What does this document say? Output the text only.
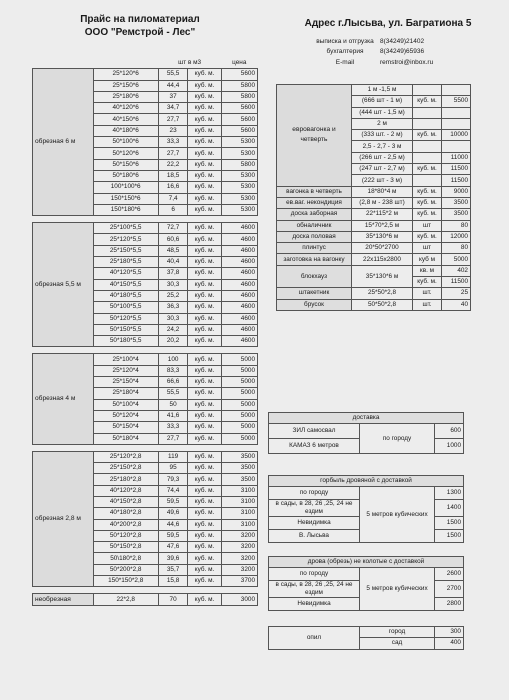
Прайс на пиломатериал
ООО "Ремстрой - Лес"
Адрес г.Лысьва, ул. Багратиона 5
выписка и отгрузка 8(34249)21402
бухгалтерия	8(34249)65936
E-mail	remstroi@inbox.ru
		шт в м3		цена
обрезная 6 м	25*120*6	55,5	куб. м.	5600
	25*150*6	44,4	куб. м.	5800
	25*180*6	37	куб. м.	5800
	40*120*6	34,7	куб. м.	5600
	40*150*6	27,7	куб. м.	5600
	40*180*6	23	куб. м.	5600
	50*100*6	33,3	куб. м.	5300
	50*120*6	27,7	куб. м.	5300
	50*150*6	22,2	куб. м.	5800
	50*180*6	18,5	куб. м.	5300
	100*100*6	16,6	куб. м.	5300
	150*150*6	7,4	куб. м.	5300
	150*180*6	6	куб. м.	5300

обрезная 5,5 м	25*100*5,5	72,7	куб. м.	4600
	25*120*5,5	60,6	куб. м.	4600
	25*150*5,5	48,5	куб. м.	4600
	25*180*5,5	40,4	куб. м.	4600
	40*120*5,5	37,8	куб. м.	4600
	40*150*5,5	30,3	куб. м.	4600
	40*180*5,5	25,2	куб. м.	4600
	50*100*5,5	36,3	куб. м.	4600
	50*120*5,5	30,3	куб. м.	4600
	50*150*5,5	24,2	куб. м.	4600
	50*180*5,5	20,2	куб. м.	4600

обрезная 4 м	25*100*4	100	куб. м.	5000
	25*120*4	83,3	куб. м.	5000
	25*150*4	66,6	куб. м.	5000
	25*180*4	55,5	куб. м.	5000
	50*100*4	50	куб. м.	5000
	50*120*4	41,6	куб. м.	5000
	50*150*4	33,3	куб. м.	5000
	50*180*4	27,7	куб. м.	5000

обрезная 2,8 м	25*120*2,8	119	куб. м.	3500
	25*150*2,8	95	куб. м.	3500
	25*180*2,8	79,3	куб. м.	3500
	40*120*2,8	74,4	куб. м.	3100
	40*150*2,8	59,5	куб. м.	3100
	40*180*2,8	49,6	куб. м.	3100
	40*200*2,8	44,6	куб. м.	3100
	50*120*2,8	59,5	куб. м.	3200
	50*150*2,8	47,6	куб. м.	3200
	50\180*2,8	39,6	куб. м.	3200
	50*200*2,8	35,7	куб. м.	3200
	150*150*2,8	15,8	куб. м.	3700

необрезная	22*2,8	70	куб. м.	3000
евровагонка и четверть	1 м -1,5 м		
	(666 шт - 1 м)	куб. м.	5500
	(444 шт - 1,5 м)		
	2 м		
	(333 шт. - 2 м)	куб. м.	10000
	2,5 - 2,7 - 3 м		
	(266 шт - 2,5 м)		11000
	(247 шт - 2,7 м)	куб. м.	11500
	(222 шт - 3 м)		11500
вагонка в четверть	18*80*4 м	куб. м.	9000
ев.ваг. некондиция	(2,8 м - 238 шт)	куб. м.	3500
доска заборная	22*115*2 м	куб. м.	3500
обналичник	15*70*2,5 м	шт	80
доска половая	35*130*6 м	куб. м.	12000
плинтус	20*50*2700	шт	80
заготовка на вагонку	22x115x2800	куб м	5000
блокхауз	35*130*6 м	кв. м	402
		куб. м.	11500
штакетник	25*50*2,8	шт.	25
брусок	50*50*2,8	шт.	40
доставка		
ЗИЛ самосвал	по городу	600
КАМАЗ 6 метров		1000
горбыль дровяной с доставкой		
по городу	5 метров кубических	1300
в сады, в 28, 26 ,25, 24 не ездим		1400
Невидимка		1500
В. Лысьва		1500
дрова (обрезь) не колотые с доставкой		
по городу	5 метров кубических	2600
в сады, в 28, 26 ,25, 24 не ездим		2700
Невидимка		2800
опил	город	300
	сад	400
